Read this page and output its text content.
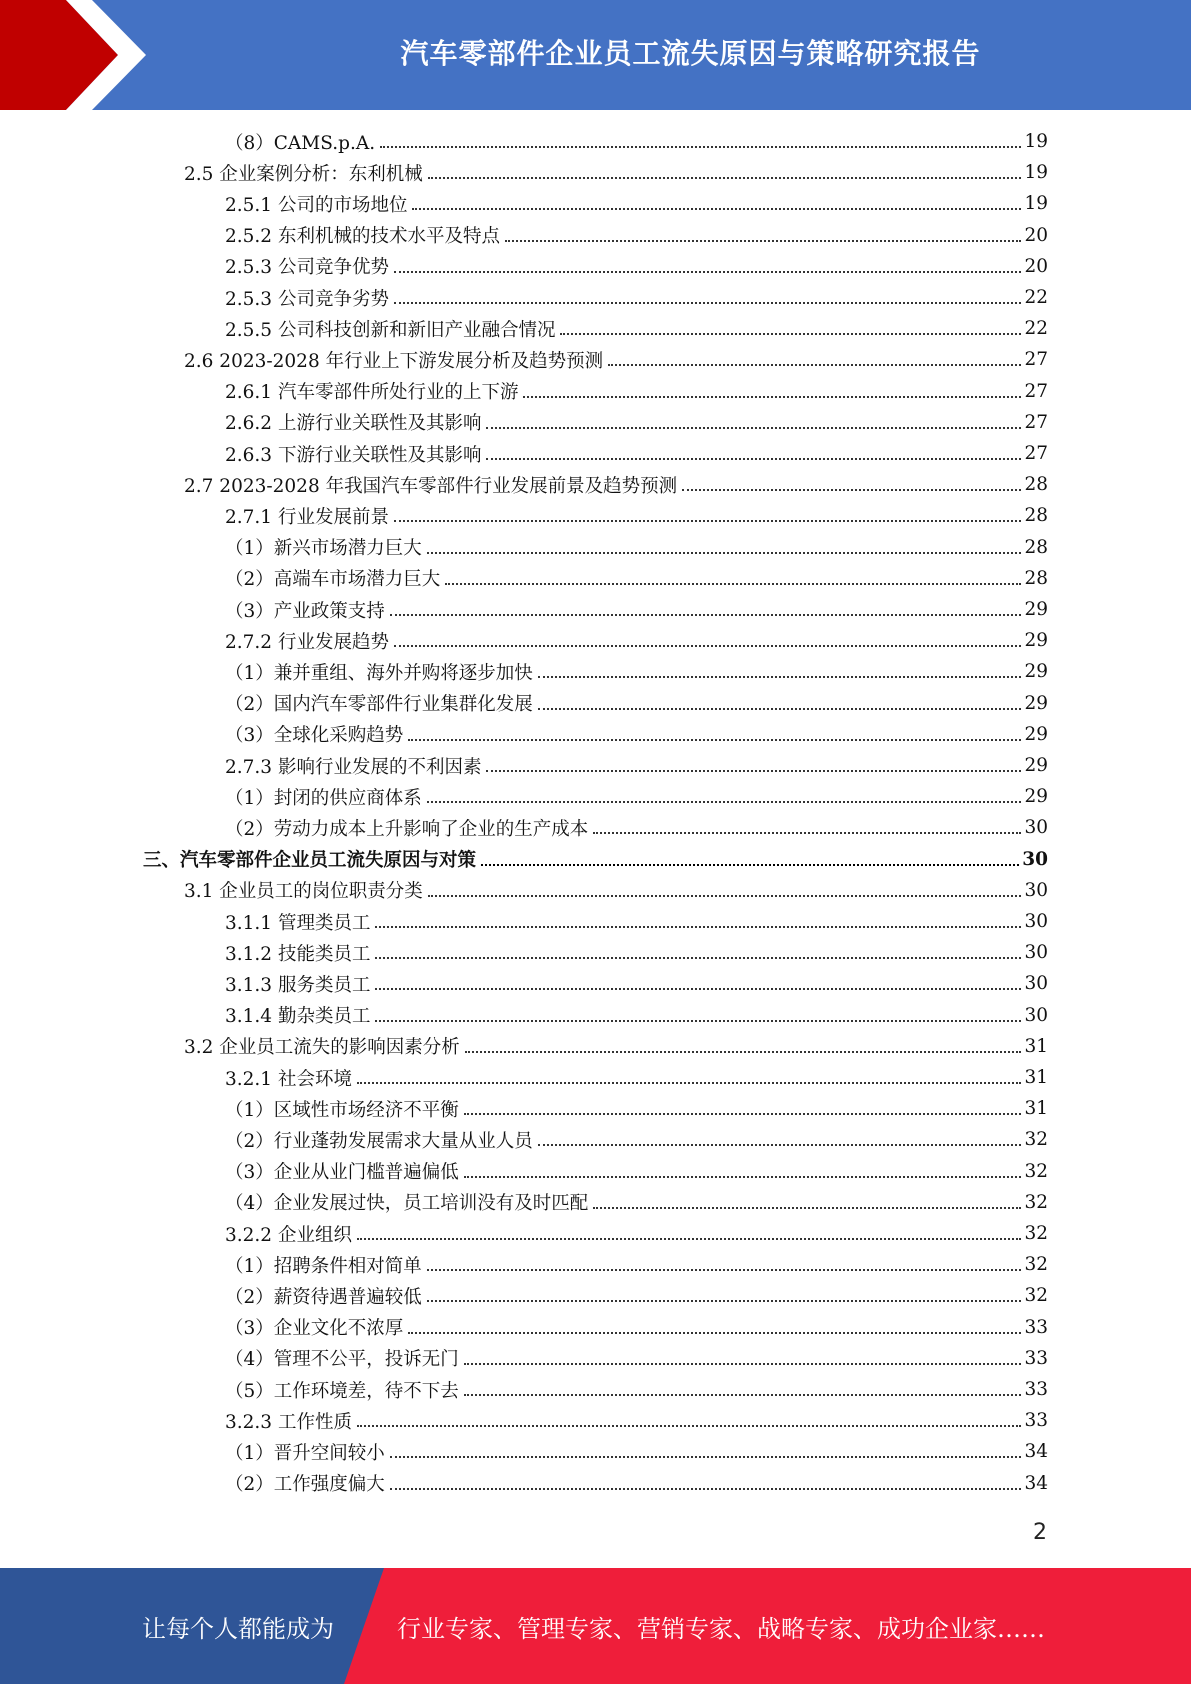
汽车零部件企业员工流失原因与策略研究报告
（8）CAMS.p.A.	19
2.5 企业案例分析：东利机械	19
2.5.1 公司的市场地位	19
2.5.2 东利机械的技术水平及特点	20
2.5.3 公司竞争优势	20
2.5.3 公司竞争劣势	22
2.5.5 公司科技创新和新旧产业融合情况	22
2.6 2023-2028 年行业上下游发展分析及趋势预测	27
2.6.1 汽车零部件所处行业的上下游	27
2.6.2 上游行业关联性及其影响	27
2.6.3 下游行业关联性及其影响	27
2.7 2023-2028 年我国汽车零部件行业发展前景及趋势预测	28
2.7.1 行业发展前景	28
（1）新兴市场潜力巨大	28
（2）高端车市场潜力巨大	28
（3）产业政策支持	29
2.7.2 行业发展趋势	29
（1）兼并重组、海外并购将逐步加快	29
（2）国内汽车零部件行业集群化发展	29
（3）全球化采购趋势	29
2.7.3 影响行业发展的不利因素	29
（1）封闭的供应商体系	29
（2）劳动力成本上升影响了企业的生产成本	30
三、汽车零部件企业员工流失原因与对策	30
3.1 企业员工的岗位职责分类	30
3.1.1 管理类员工	30
3.1.2 技能类员工	30
3.1.3 服务类员工	30
3.1.4 勤杂类员工	30
3.2 企业员工流失的影响因素分析	31
3.2.1 社会环境	31
（1）区域性市场经济不平衡	31
（2）行业蓬勃发展需求大量从业人员	32
（3）企业从业门槛普遍偏低	32
（4）企业发展过快，员工培训没有及时匹配	32
3.2.2 企业组织	32
（1）招聘条件相对简单	32
（2）薪资待遇普遍较低	32
（3）企业文化不浓厚	33
（4）管理不公平，投诉无门	33
（5）工作环境差，待不下去	33
3.2.3 工作性质	33
（1）晋升空间较小	34
（2）工作强度偏大	34
2
让每个人都能成为	行业专家、管理专家、营销专家、战略专家、成功企业家……
